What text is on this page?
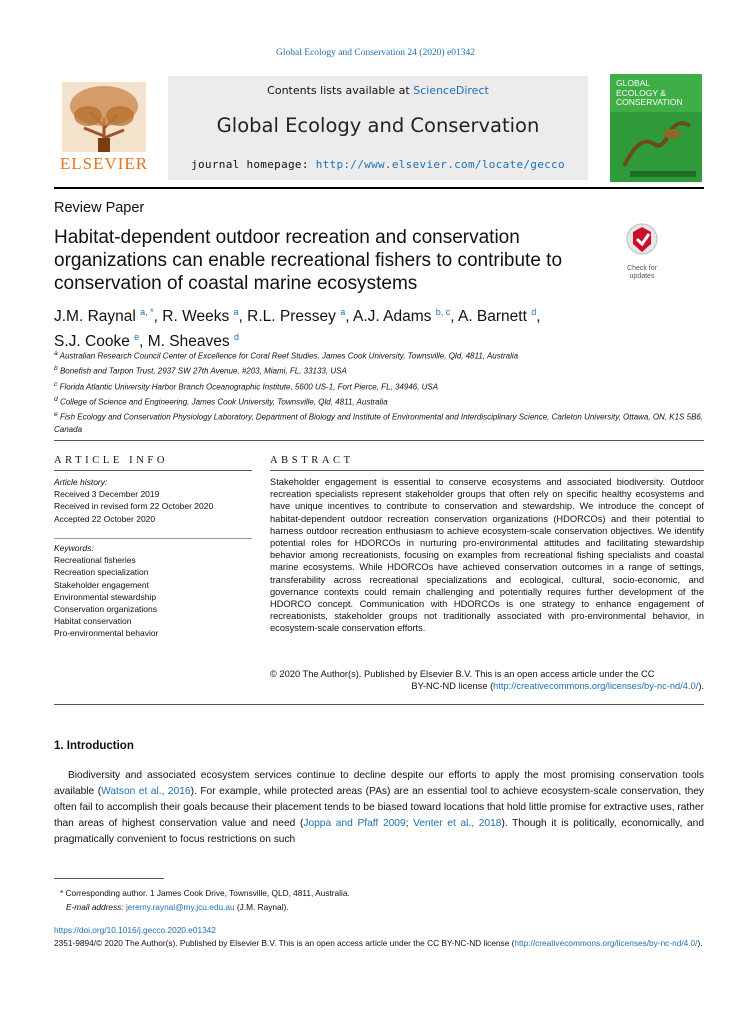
Global Ecology and Conservation 24 (2020) e01342
ELSEVIER
Contents lists available at ScienceDirect
Global Ecology and Conservation
journal homepage: http://www.elsevier.com/locate/gecco
GLOBAL
ECOLOGY &
CONSERVATION
Review Paper
Habitat-dependent outdoor recreation and conservation organizations can enable recreational fishers to contribute to conservation of coastal marine ecosystems
Check for
updates
J.M. Raynal $^{a, *}$, R. Weeks $^a$, R.L. Pressey $^a$, A.J. Adams $^{b, c}$, A. Barnett $^d$,
S.J. Cooke $^e$, M. Sheaves $^d$
$^a$ Australian Research Council Center of Excellence for Coral Reef Studies, James Cook University, Townsville, Qld, 4811, Australia
$^b$ Bonefish and Tarpon Trust, 2937 SW 27th Avenue, #203, Miami, FL, 33133, USA
$^c$ Florida Atlantic University Harbor Branch Oceanographic Institute, 5600 US-1, Fort Pierce, FL, 34946, USA
$^d$ College of Science and Engineering, James Cook University, Townsville, Qld, 4811, Australia
$^e$ Fish Ecology and Conservation Physiology Laboratory, Department of Biology and Institute of Environmental and Interdisciplinary Science, Carleton University, Ottawa, ON, K1S 5B6, Canada
ARTICLE INFO	ABSTRACT
Article history:
Received 3 December 2019
Received in revised form 22 October 2020
Accepted 22 October 2020
Keywords:
Recreational fisheries
Recreation specialization
Stakeholder engagement
Environmental stewardship
Conservation organizations
Habitat conservation
Pro-environmental behavior
Stakeholder engagement is essential to conserve ecosystems and associated biodiversity. Outdoor recreation specialists represent stakeholder groups that often rely on specific healthy ecosystems and have unique incentives to contribute to conservation and stewardship. We introduce the concept of habitat-dependent outdoor recreation conservation organizations (HDORCOs) and their potential to harness outdoor recreation enthusiasm to achieve ecosystem-scale conservation objectives. We identify potential roles for HDORCOs in nurturing pro-environmental attitudes and facilitating stewardship behavior among recreationists, focusing on examples from recreational fishing specialists and coastal marine ecosystems. While HDORCOs have achieved conservation outcomes in a range of settings, transferability across recreational specializations and ecological, cultural, socio-economic, and governance contexts could remain challenging and potentially requires further development of the HDORCO concept. Communication with HDORCOs is one strategy to enhance engagement of recreationists, stakeholder groups not traditionally associated with pro-environmental behavior, in ecosystem-scale conservation efforts.
© 2020 The Author(s). Published by Elsevier B.V. This is an open access article under the CC
BY-NC-ND license (http://creativecommons.org/licenses/by-nc-nd/4.0/).
1. Introduction
Biodiversity and associated ecosystem services continue to decline despite our efforts to apply the most promising conservation tools available (Watson et al., 2016). For example, while protected areas (PAs) are an essential tool to achieve ecosystem-scale conservation, they often fail to accomplish their goals because their placement tends to be biased toward locations that hold little promise for extractive uses, rather than areas of highest conservation value and need (Joppa and Pfaff 2009; Venter et al., 2018). Though it is politically, economically, and pragmatically convenient to focus restrictions on such
* Corresponding author. 1 James Cook Drive, Townsville, QLD, 4811, Australia.
E-mail address: jeremy.raynal@my.jcu.edu.au (J.M. Raynal).
https://doi.org/10.1016/j.gecco.2020.e01342
2351-9894/© 2020 The Author(s). Published by Elsevier B.V. This is an open access article under the CC BY-NC-ND license (http://creativecommons.org/licenses/by-nc-nd/4.0/).
